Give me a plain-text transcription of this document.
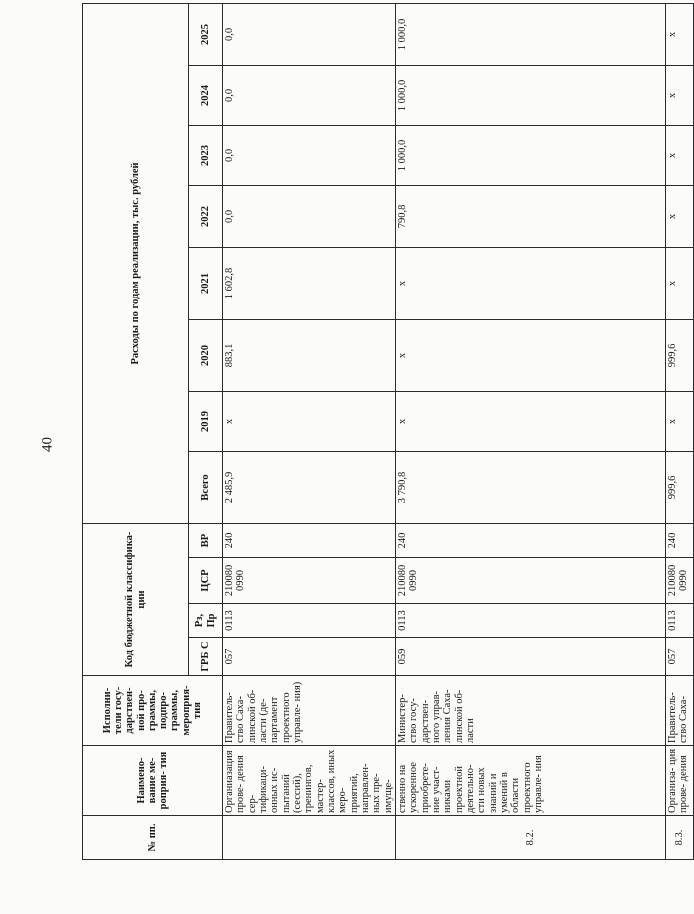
40
№ пп.	Наимено- вание ме- роприя- тия	Исполни- тели госу- дарствен- ной про- граммы, подпро- граммы, мероприя- тия	Код бюджетной классифика- ции				Расходы по годам реализации, тыс. рублей							
			ГРБ С	Рз, Пр	ЦСР	ВР	Всего	2019	2020	2021	2022	2023	2024	2025
	Органиазация прове- дения сер- тификаци- онных ис- пытаний (сессий), тренингов, мастер- классов, иных меро- приятий, направлен- ных пре- имуще-	Правитель- ство Саха- линской об- ласти (де- партамент проектного управле- ния)	057	0113	210080 0990	240	2 485,9	x	883,1	1 602,8	0,0	0,0	0,0	0,0
8.2.	ственно на ускоренное приобрете- ние участ- никами проектной деятельно- сти новых знаний и умений в области проектного управле- ния	Министер- ство госу- дарствен- ного управ- ления Саха- линской об- ласти	059	0113	210080 0990	240	3 790,8	x	x	x	790,8	1 000,0	1 000,0	1 000,0
8.3.	Организа- ция прове- дения	Правитель- ство Саха-	057	0113	210080 0990	240	999,6	x	999,6	x	x	x	x	x
